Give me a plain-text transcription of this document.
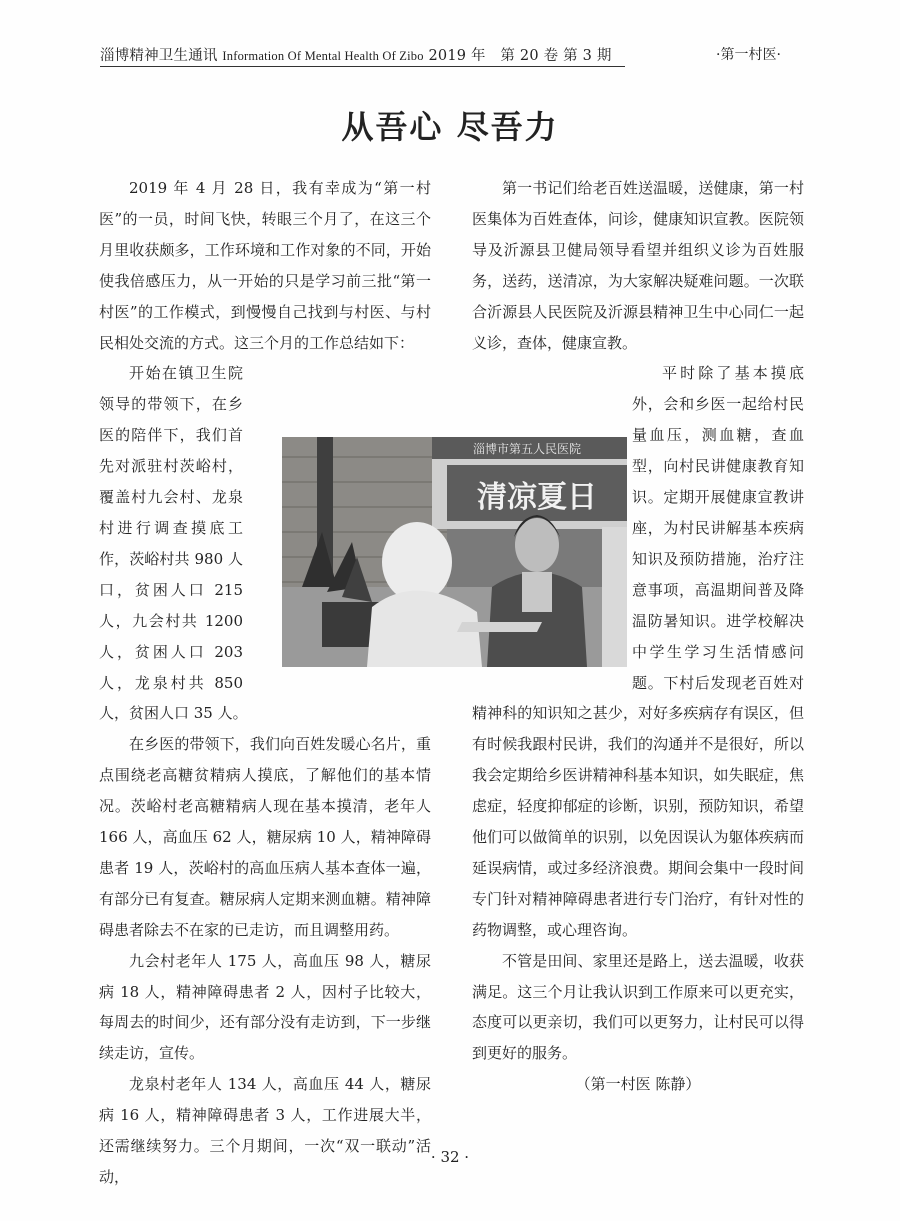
淄博精神卫生通讯 Information Of Mental Health Of Zibo 2019 年　第 20 卷 第 3 期	·第一村医·
从吾心 尽吾力

2019 年 4 月 28 日，我有幸成为“第一村医”的一员，时间飞快，转眼三个月了，在这三个月里收获颇多，工作环境和工作对象的不同，开始使我倍感压力，从一开始的只是学习前三批“第一村医”的工作模式，到慢慢自己找到与村医、与村民相处交流的方式。这三个月的工作总结如下：

开始在镇卫生院领导的带领下，在乡医的陪伴下，我们首先对派驻村茨峪村，覆盖村九会村、龙泉村进行调查摸底工作，茨峪村共 980 人口，贫困人口 215 人，九会村共 1200 人，贫困人口 203 人，龙泉村共 850 人，贫困人口 35 人。

在乡医的带领下，我们向百姓发暖心名片，重点围绕老高糖贫精病人摸底，了解他们的基本情况。茨峪村老高糖精病人现在基本摸清，老年人 166 人，高血压 62 人，糖尿病 10 人，精神障碍患者 19 人，茨峪村的高血压病人基本查体一遍，有部分已有复查。糖尿病人定期来测血糖。精神障碍患者除去不在家的已走访，而且调整用药。

九会村老年人 175 人，高血压 98 人，糖尿病 18 人，精神障碍患者 2 人，因村子比较大，每周去的时间少，还有部分没有走访到，下一步继续走访，宣传。

龙泉村老年人 134 人，高血压 44 人，糖尿病 16 人，精神障碍患者 3 人，工作进展大半，还需继续努力。三个月期间，一次“双一联动”活动，

第一书记们给老百姓送温暖，送健康，第一村医集体为百姓查体，问诊，健康知识宣教。医院领导及沂源县卫健局领导看望并组织义诊为百姓服务，送药，送清凉，为大家解决疑难问题。一次联合沂源县人民医院及沂源县精神卫生中心同仁一起义诊，查体，健康宣教。

平时除了基本摸底外，会和乡医一起给村民量血压，测血糖，查血型，向村民讲健康教育知识。定期开展健康宣教讲座，为村民讲解基本疾病知识及预防措施，治疗注意事项，高温期间普及降温防暑知识。进学校解决中学生学习生活情感问题。下村后发现老百姓对精神科的知识知之甚少，对好多疾病存有误区，但有时候我跟村民讲，我们的沟通并不是很好，所以我会定期给乡医讲精神科基本知识，如失眠症，焦虑症，轻度抑郁症的诊断，识别，预防知识，希望他们可以做简单的识别，以免因误认为躯体疾病而延误病情，或过多经济浪费。期间会集中一段时间专门针对精神障碍患者进行专门治疗，有针对性的药物调整，或心理咨询。

不管是田间、家里还是路上，送去温暖，收获满足。这三个月让我认识到工作原来可以更充实，态度可以更亲切，我们可以更努力，让村民可以得到更好的服务。

（第一村医 陈静）

淄博市第五人民医院
清凉夏日
· 32 ·
